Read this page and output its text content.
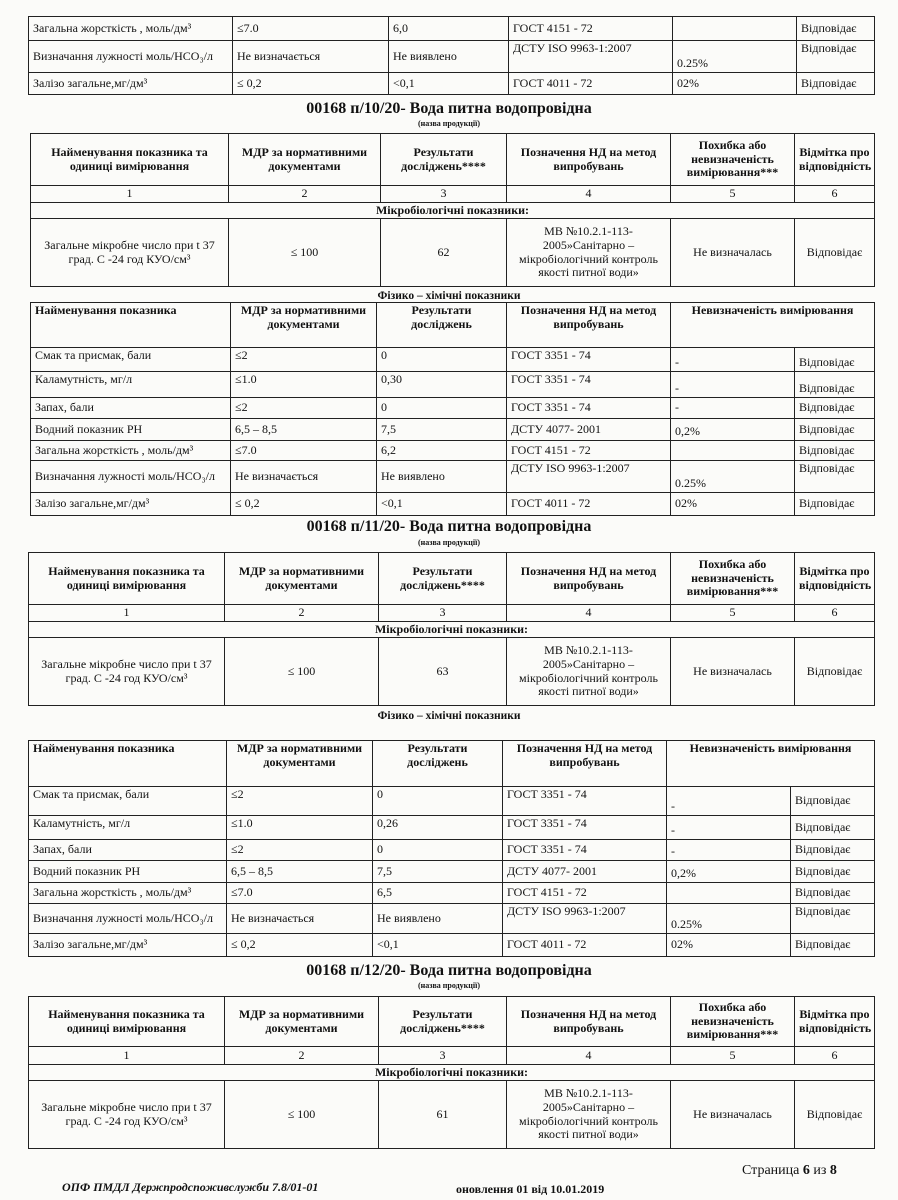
Загальна жорсткість , моль/дм³	≤7.0	6,0	ГОСТ 4151 - 72		Відповідає
Визначання лужності моль/НСО₃/л	Не визначається	Не виявлено	ДСТУ ISO 9963-1:2007	0.25%	Відповідає
Залізо загальне,мг/дм³	≤ 0,2	<0,1	ГОСТ 4011 - 72	02%	Відповідає
00168 п/10/20- Вода питна водопровідна
(назва продукції)
Найменування показника та одиниці вимірювання	МДР за нормативними документами	Результати досліджень****	Позначення НД на метод випробувань	Похибка або невизначеність вимірювання***	Відмітка про відповідність
1	2	3	4	5	6
Мікробіологічні показники:					
Загальне мікробне число при t 37 град. С -24 год КУО/см³	≤ 100	62	МВ №10.2.1-113-2005»Санітарно – мікробіологічний контроль якості питної води»	Не визначалась	Відповідає
Фізико – хімічні показники
Найменування показника	МДР за нормативними документами	Результати досліджень	Позначення НД на метод випробувань	Невизначеність вимірювання	
Смак та присмак, бали	≤2	0	ГОСТ 3351 - 74	-	Відповідає
Каламутність, мг/л	≤1.0	0,30	ГОСТ 3351 - 74	-	Відповідає
Запах, бали	≤2	0	ГОСТ 3351 - 74	-	Відповідає
Водний показник РН	6,5 – 8,5	7,5	ДСТУ 4077- 2001	0,2%	Відповідає
Загальна жорсткість , моль/дм³	≤7.0	6,2	ГОСТ 4151 - 72		Відповідає
Визначання лужності моль/НСО₃/л	Не визначається	Не виявлено	ДСТУ ISO 9963-1:2007	0.25%	Відповідає
Залізо загальне,мг/дм³	≤ 0,2	<0,1	ГОСТ 4011 - 72	02%	Відповідає
00168 п/11/20- Вода питна водопровідна
(назва продукції)
Найменування показника та одиниці вимірювання	МДР за нормативними документами	Результати досліджень****	Позначення НД на метод випробувань	Похибка або невизначеність вимірювання***	Відмітка про відповідність
1	2	3	4	5	6
Мікробіологічні показники:					
Загальне мікробне число при t 37 град. С -24 год КУО/см³	≤ 100	63	МВ №10.2.1-113-2005»Санітарно – мікробіологічний контроль якості питної води»	Не визначалась	Відповідає
Фізико – хімічні показники
Найменування показника	МДР за нормативними документами	Результати досліджень	Позначення НД на метод випробувань	Невизначеність вимірювання	
Смак та присмак, бали	≤2	0	ГОСТ 3351 - 74	-	Відповідає
Каламутність, мг/л	≤1.0	0,26	ГОСТ 3351 - 74	-	Відповідає
Запах, бали	≤2	0	ГОСТ 3351 - 74	-	Відповідає
Водний показник РН	6,5 – 8,5	7,5	ДСТУ 4077- 2001	0,2%	Відповідає
Загальна жорсткість , моль/дм³	≤7.0	6,5	ГОСТ 4151 - 72		Відповідає
Визначання лужності моль/НСО₃/л	Не визначається	Не виявлено	ДСТУ ISO 9963-1:2007	0.25%	Відповідає
Залізо загальне,мг/дм³	≤ 0,2	<0,1	ГОСТ 4011 - 72	02%	Відповідає
00168 п/12/20- Вода питна водопровідна
(назва продукції)
Найменування показника та одиниці вимірювання	МДР за нормативними документами	Результати досліджень****	Позначення НД на метод випробувань	Похибка або невизначеність вимірювання***	Відмітка про відповідність
1	2	3	4	5	6
Мікробіологічні показники:					
Загальне мікробне число при t 37 град. С -24 год КУО/см³	≤ 100	61	МВ №10.2.1-113-2005»Санітарно – мікробіологічний контроль якості питної води»	Не визначалась	Відповідає
Страница 6 из 8
ОПФ ПМДЛ Держпродспоживслужби 7.8/01-01	оновлення 01 від 10.01.2019
